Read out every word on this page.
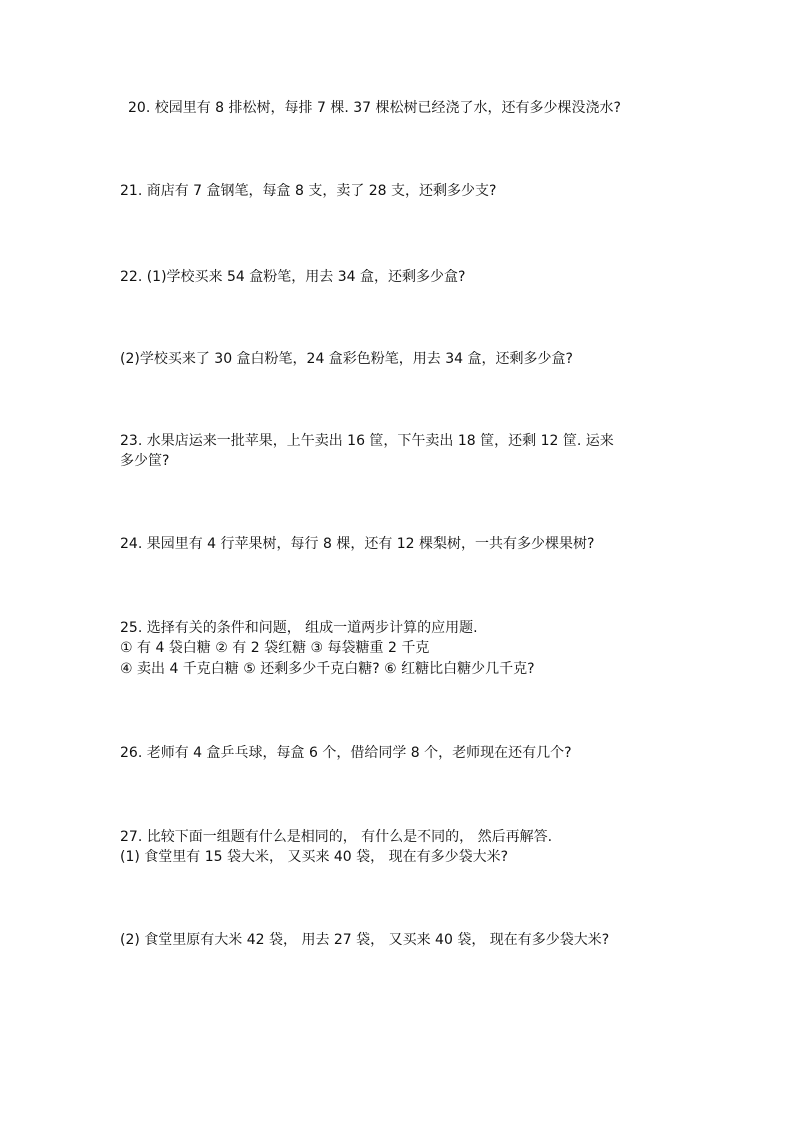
20. 校园里有 8 排松树，每排 7 棵. 37 棵松树已经浇了水，还有多少棵没浇水?

21. 商店有 7 盒钢笔，每盒 8 支，卖了 28 支，还剩多少支?

22. (1)学校买来 54 盒粉笔，用去 34 盒，还剩多少盒?

(2)学校买来了 30 盒白粉笔，24 盒彩色粉笔，用去 34 盒，还剩多少盒?

23. 水果店运来一批苹果，上午卖出 16 筐，下午卖出 18 筐，还剩 12 筐. 运来

多少筐?

24. 果园里有 4 行苹果树，每行 8 棵，还有 12 棵梨树，一共有多少棵果树?

25. 选择有关的条件和问题， 组成一道两步计算的应用题.

① 有 4 袋白糖 ② 有 2 袋红糖 ③ 每袋糖重 2 千克

④ 卖出 4 千克白糖 ⑤ 还剩多少千克白糖? ⑥ 红糖比白糖少几千克?

26. 老师有 4 盒乒乓球，每盒 6 个，借给同学 8 个，老师现在还有几个?

27. 比较下面一组题有什么是相同的， 有什么是不同的， 然后再解答.

(1) 食堂里有 15 袋大米， 又买来 40 袋， 现在有多少袋大米?

(2) 食堂里原有大米 42 袋， 用去 27 袋， 又买来 40 袋， 现在有多少袋大米?
